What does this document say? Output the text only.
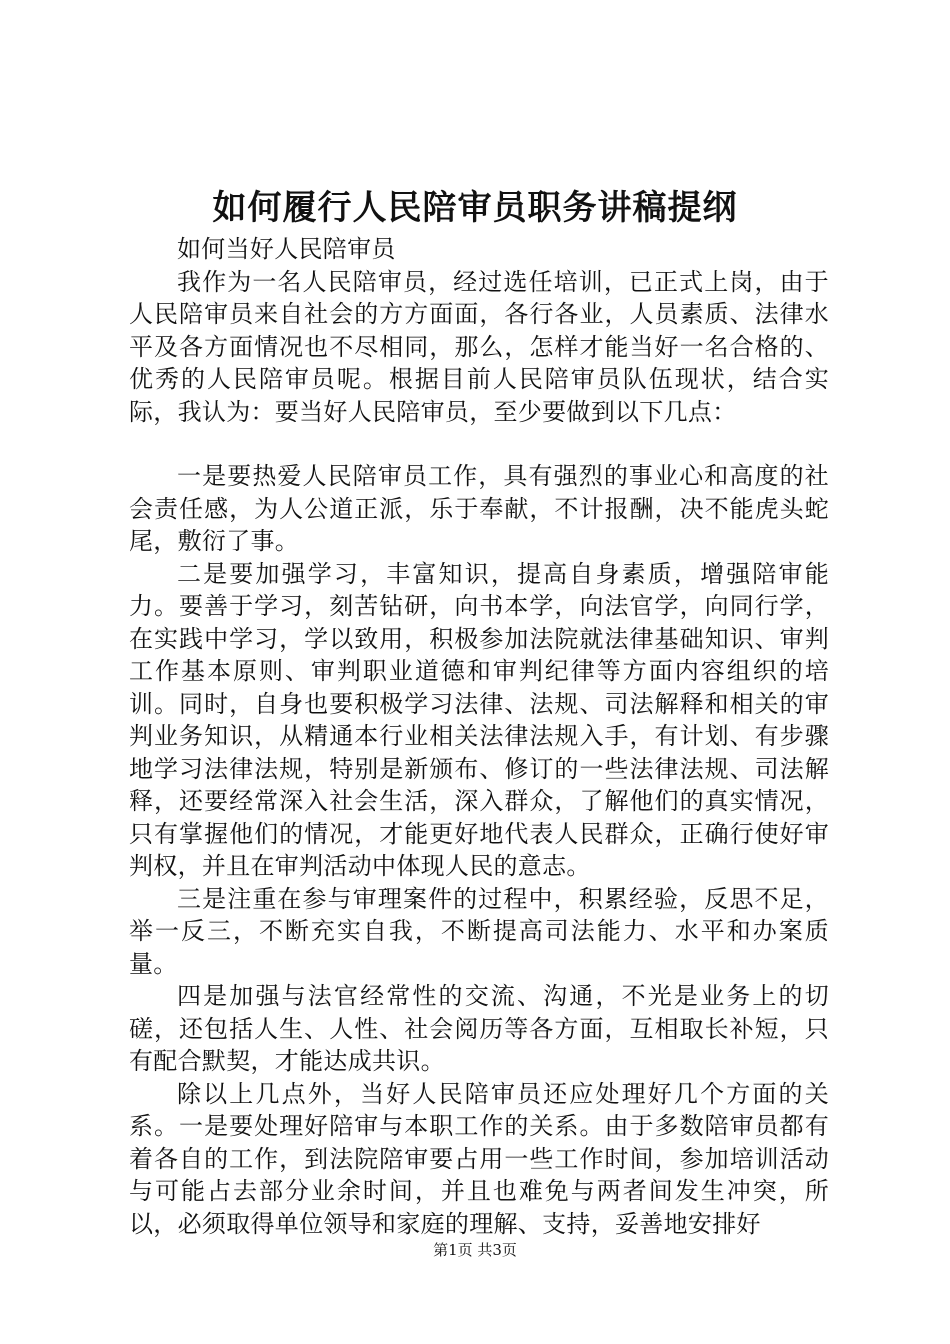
如何履行人民陪审员职务讲稿提纲

如何当好人民陪审员

我作为一名人民陪审员，经过选任培训，已正式上岗，由于人民陪审员来自社会的方方面面，各行各业，人员素质、法律水平及各方面情况也不尽相同，那么，怎样才能当好一名合格的、优秀的人民陪审员呢。根据目前人民陪审员队伍现状，结合实际，我认为：要当好人民陪审员，至少要做到以下几点：

一是要热爱人民陪审员工作，具有强烈的事业心和高度的社会责任感，为人公道正派，乐于奉献，不计报酬，决不能虎头蛇尾，敷衍了事。

二是要加强学习，丰富知识，提高自身素质，增强陪审能力。要善于学习，刻苦钻研，向书本学，向法官学，向同行学，在实践中学习，学以致用，积极参加法院就法律基础知识、审判工作基本原则、审判职业道德和审判纪律等方面内容组织的培训。同时，自身也要积极学习法律、法规、司法解释和相关的审判业务知识，从精通本行业相关法律法规入手，有计划、有步骤地学习法律法规，特别是新颁布、修订的一些法律法规、司法解释，还要经常深入社会生活，深入群众，了解他们的真实情况，只有掌握他们的情况，才能更好地代表人民群众，正确行使好审判权，并且在审判活动中体现人民的意志。

三是注重在参与审理案件的过程中，积累经验，反思不足，举一反三，不断充实自我，不断提高司法能力、水平和办案质量。

四是加强与法官经常性的交流、沟通，不光是业务上的切磋，还包括人生、人性、社会阅历等各方面，互相取长补短，只有配合默契，才能达成共识。

除以上几点外，当好人民陪审员还应处理好几个方面的关系。一是要处理好陪审与本职工作的关系。由于多数陪审员都有着各自的工作，到法院陪审要占用一些工作时间，参加培训活动与可能占去部分业余时间，并且也难免与两者间发生冲突，所以，必须取得单位领导和家庭的理解、支持，妥善地安排好

第1页 共3页
